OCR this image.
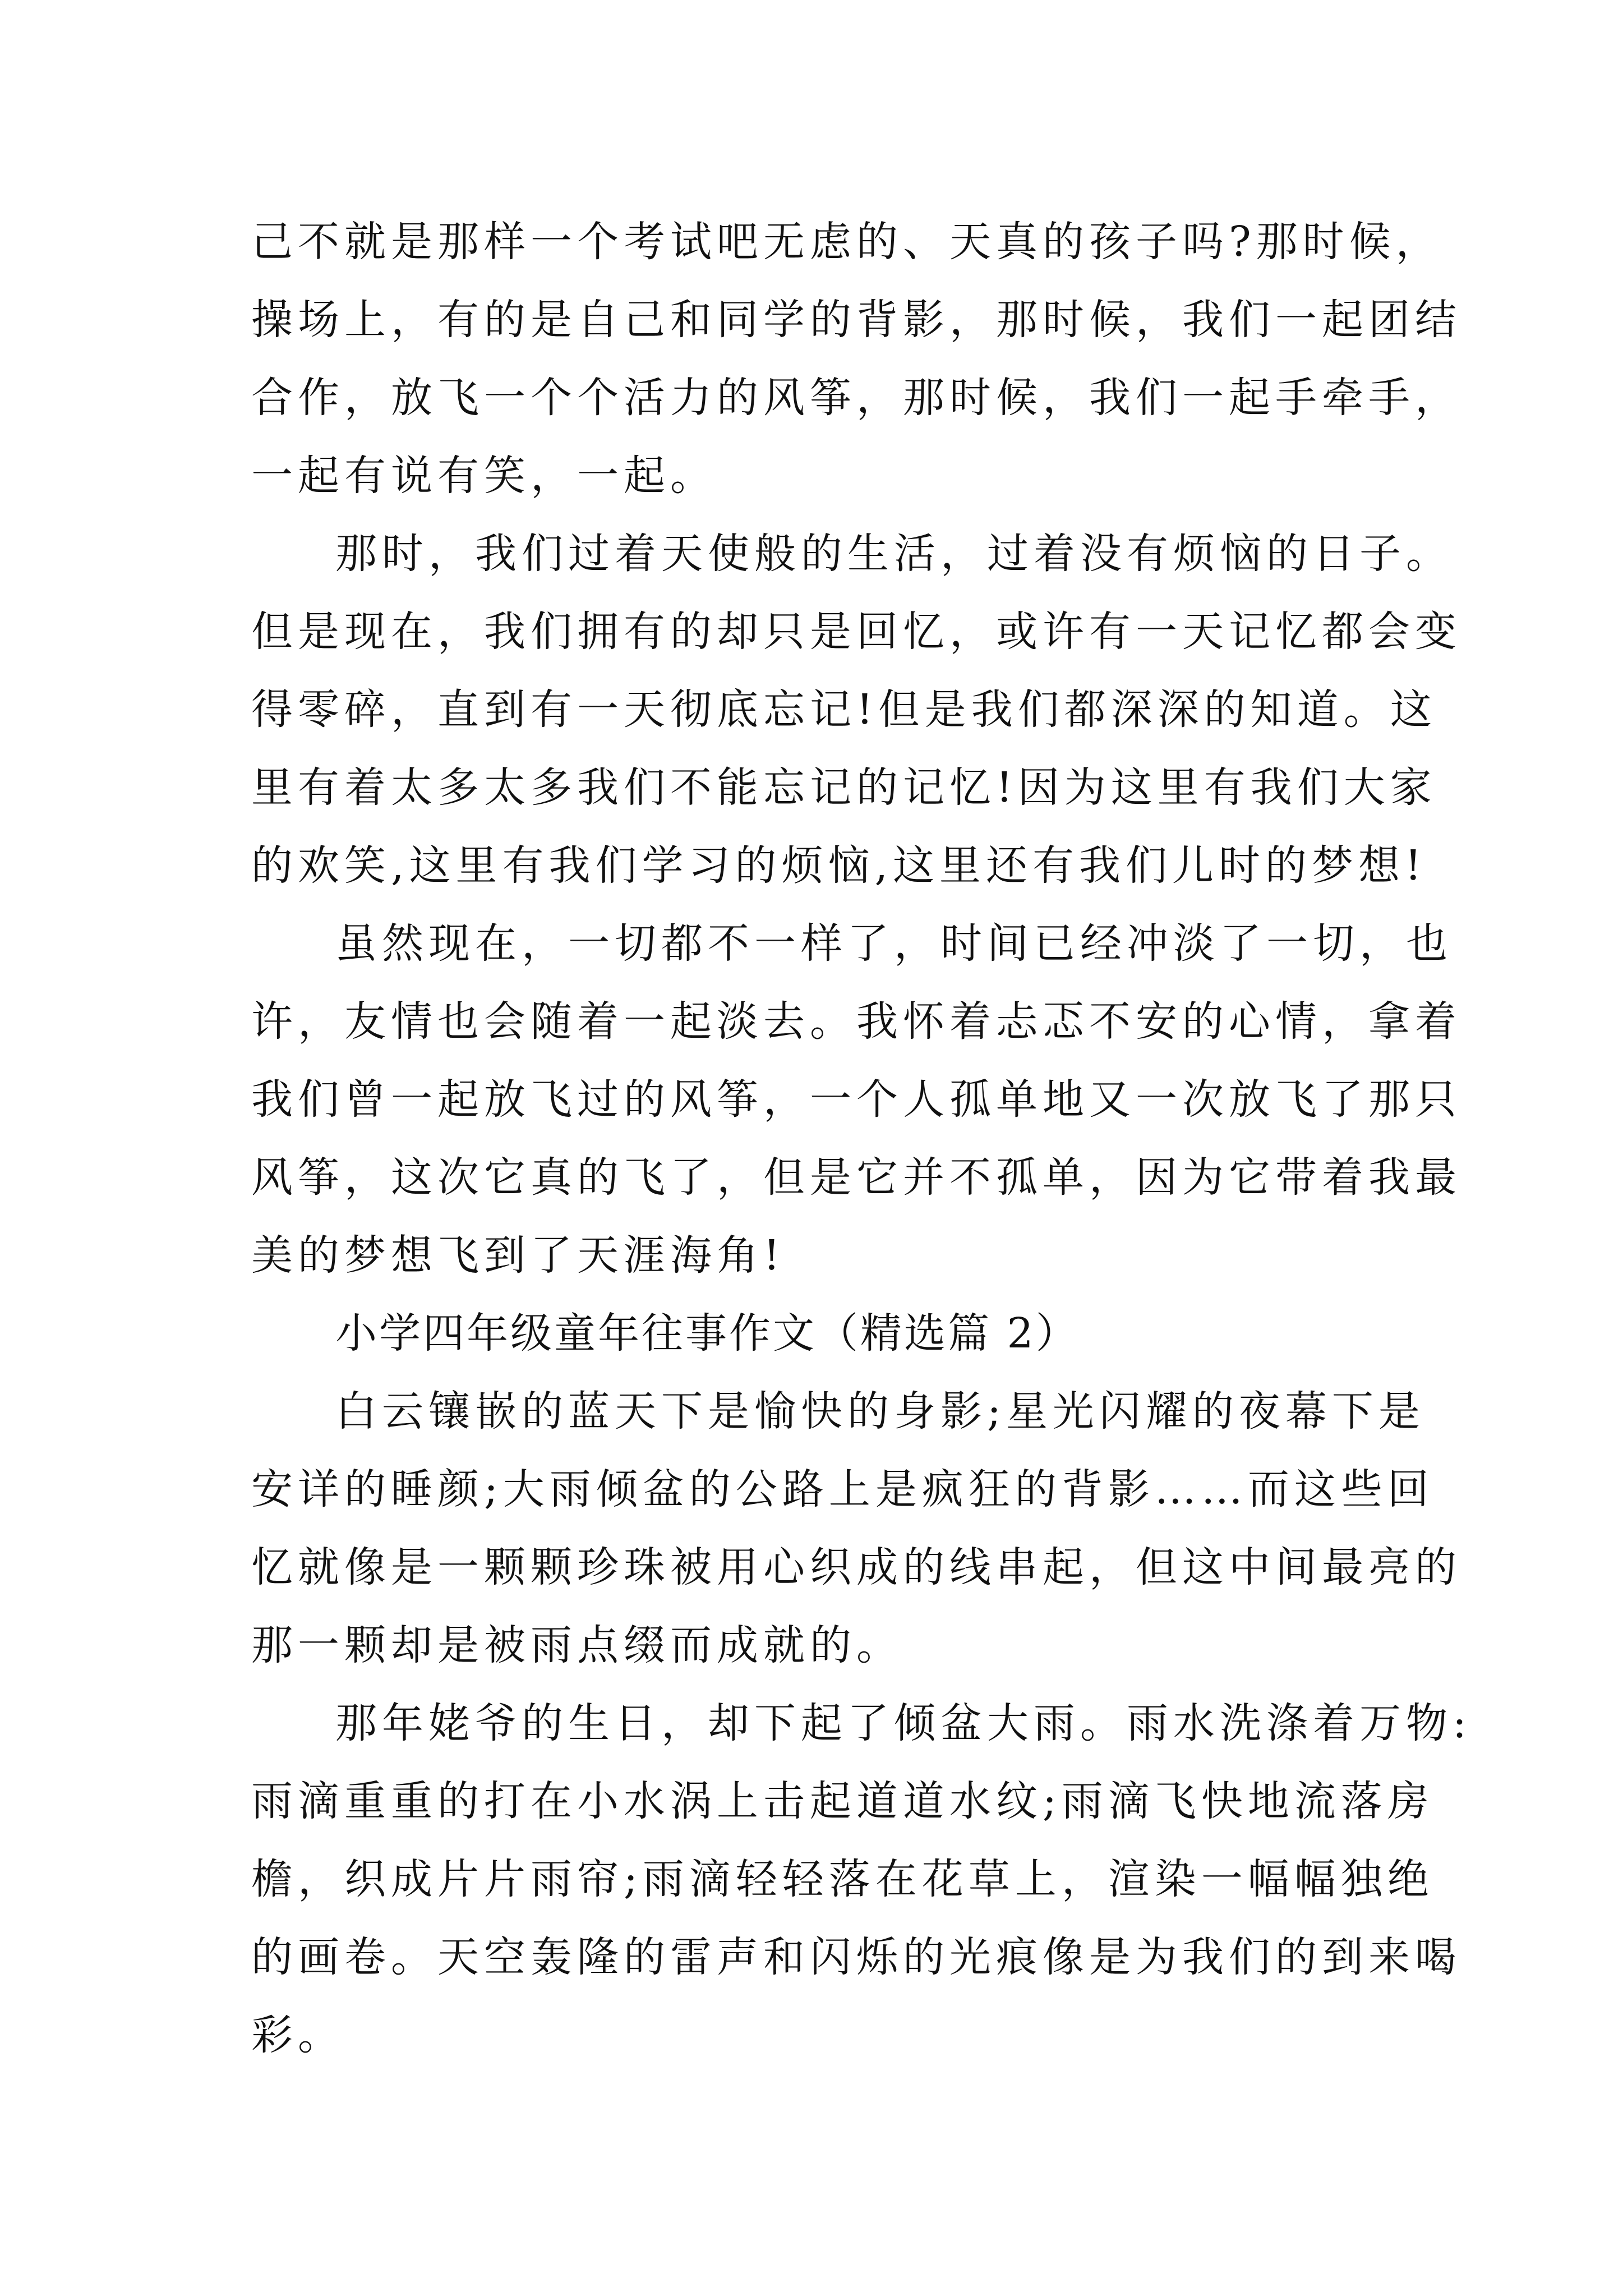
己不就是那样一个考试吧无虑的、天真的孩子吗?那时候，
操场上，有的是自己和同学的背影，那时候，我们一起团结
合作，放飞一个个活力的风筝，那时候，我们一起手牵手，
一起有说有笑，一起。
那时，我们过着天使般的生活，过着没有烦恼的日子。
但是现在，我们拥有的却只是回忆，或许有一天记忆都会变
得零碎，直到有一天彻底忘记!但是我们都深深的知道。这
里有着太多太多我们不能忘记的记忆!因为这里有我们大家
的欢笑,这里有我们学习的烦恼,这里还有我们儿时的梦想!
虽然现在，一切都不一样了，时间已经冲淡了一切，也
许，友情也会随着一起淡去。我怀着忐忑不安的心情，拿着
我们曾一起放飞过的风筝，一个人孤单地又一次放飞了那只
风筝，这次它真的飞了，但是它并不孤单，因为它带着我最
美的梦想飞到了天涯海角!
小学四年级童年往事作文（精选篇 2）
白云镶嵌的蓝天下是愉快的身影;星光闪耀的夜幕下是
安详的睡颜;大雨倾盆的公路上是疯狂的背影……而这些回
忆就像是一颗颗珍珠被用心织成的线串起，但这中间最亮的
那一颗却是被雨点缀而成就的。
那年姥爷的生日，却下起了倾盆大雨。雨水洗涤着万物:
雨滴重重的打在小水涡上击起道道水纹;雨滴飞快地流落房
檐，织成片片雨帘;雨滴轻轻落在花草上，渲染一幅幅独绝
的画卷。天空轰隆的雷声和闪烁的光痕像是为我们的到来喝
彩。
